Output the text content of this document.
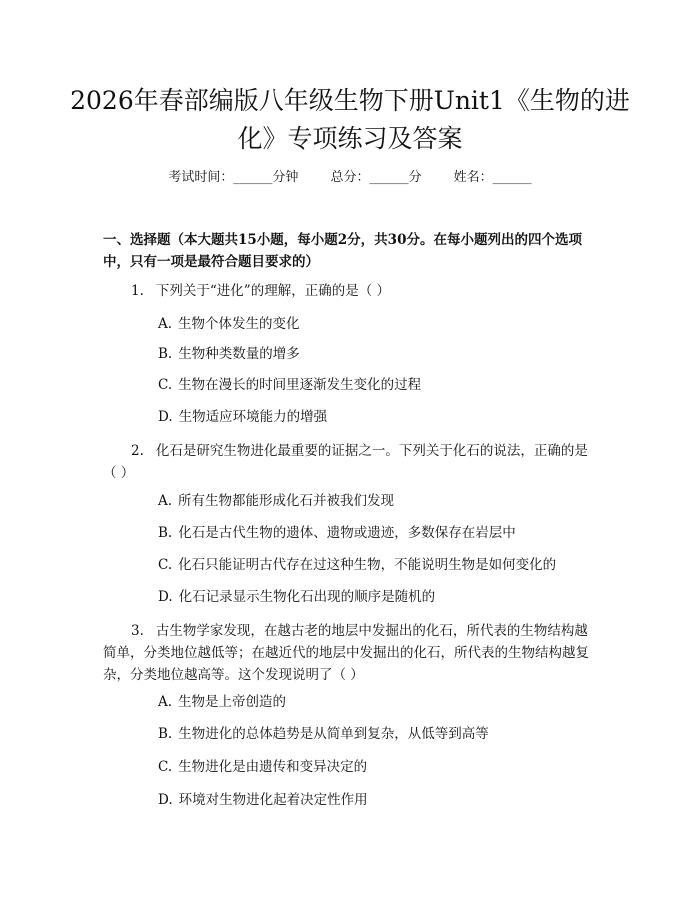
2026年春部编版八年级生物下册Unit1《生物的进化》专项练习及答案
考试时间：______分钟 总分：______分 姓名：______

一、选择题（本大题共15小题，每小题2分，共30分。在每小题列出的四个选项中，只有一项是最符合题目要求的）

1. 下列关于“进化”的理解，正确的是（ ）

A. 生物个体发生的变化

B. 生物种类数量的增多

C. 生物在漫长的时间里逐渐发生变化的过程

D. 生物适应环境能力的增强

2. 化石是研究生物进化最重要的证据之一。下列关于化石的说法，正确的是（ ）

A. 所有生物都能形成化石并被我们发现

B. 化石是古代生物的遗体、遗物或遗迹，多数保存在岩层中

C. 化石只能证明古代存在过这种生物，不能说明生物是如何变化的

D. 化石记录显示生物化石出现的顺序是随机的

3. 古生物学家发现，在越古老的地层中发掘出的化石，所代表的生物结构越简单，分类地位越低等；在越近代的地层中发掘出的化石，所代表的生物结构越复杂，分类地位越高等。这个发现说明了（ ）

A. 生物是上帝创造的

B. 生物进化的总体趋势是从简单到复杂，从低等到高等

C. 生物进化是由遗传和变异决定的

D. 环境对生物进化起着决定性作用
